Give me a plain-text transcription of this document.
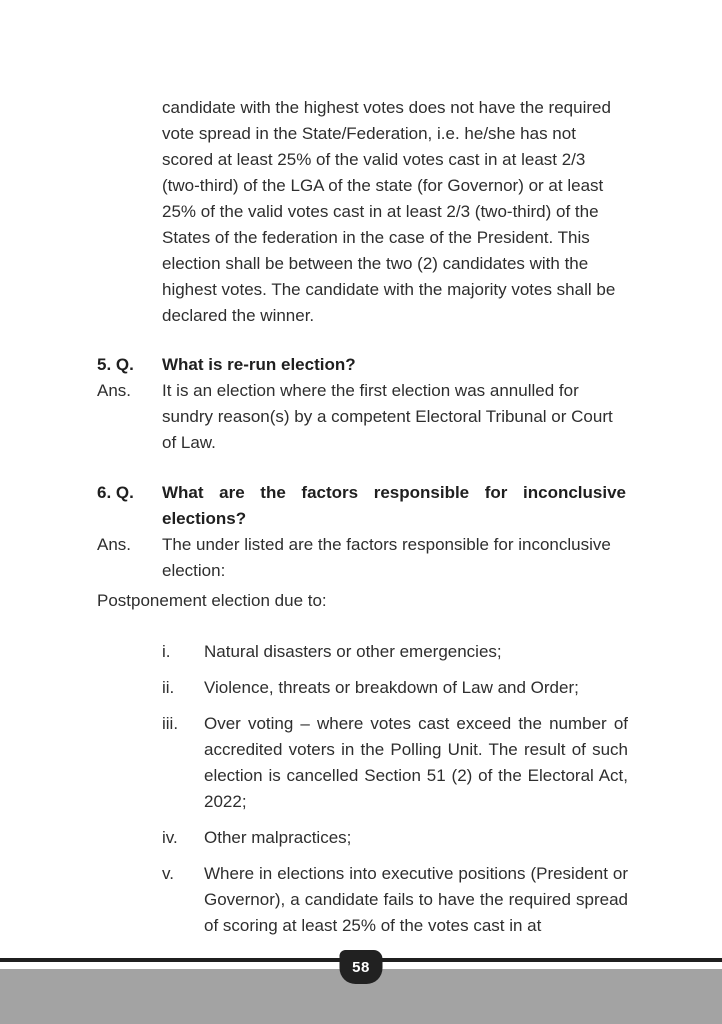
candidate with the highest votes does not have the required vote spread in the State/Federation, i.e. he/she has not scored at least 25% of the valid votes cast in at least 2/3 (two-third) of the LGA of the state (for Governor) or at least 25% of the valid votes cast in at least 2/3 (two-third) of the States of the federation in the case of the President. This election shall be between the two (2) candidates with the highest votes. The candidate with the majority votes shall be declared the winner.

5. Q.	What is re-run election?
Ans.	It is an election where the first election was annulled for sundry reason(s) by a competent Electoral Tribunal or Court of Law.

6. Q.	What are the factors responsible for inconclusive elections?
Ans.	The under listed are the factors responsible for inconclusive election:

Postponement election due to:

i.	Natural disasters or other emergencies;

ii.	Violence, threats or breakdown of Law and Order;

iii.	Over voting – where votes cast exceed the number of accredited voters in the Polling Unit. The result of such election is cancelled Section 51 (2) of the Electoral Act, 2022;

iv.	Other malpractices;

v.	Where in elections into executive positions (President or Governor), a candidate fails to have the required spread of scoring at least 25% of the votes cast in at

58
